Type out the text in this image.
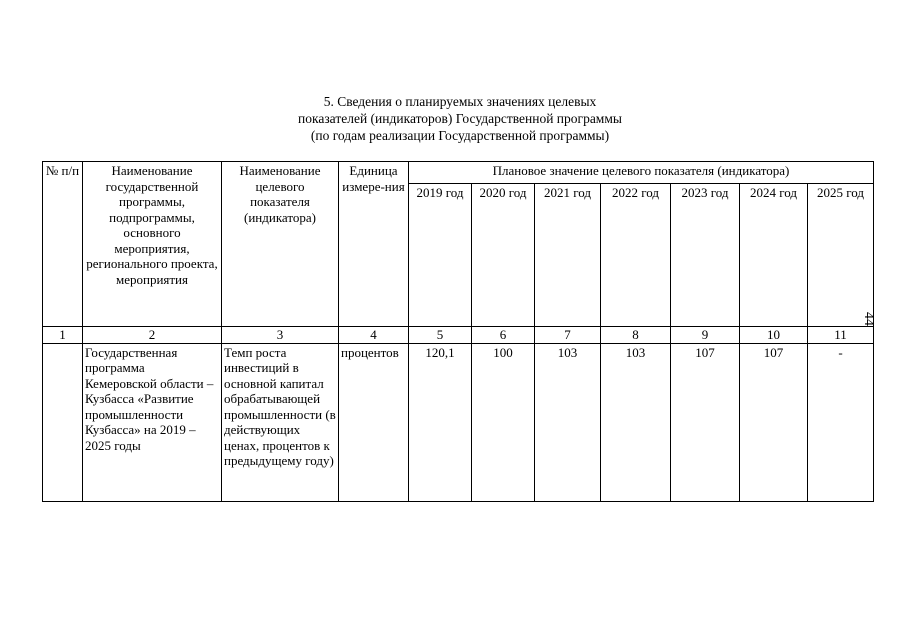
5. Сведения о планируемых значениях целевых
показателей (индикаторов) Государственной программы
(по годам реализации Государственной программы)
44
№ п/п	Наименование государственной программы, подпрограммы, основного мероприятия, регионального проекта, мероприятия	Наименование целевого показателя (индикатора)	Единица измере-ния	Плановое значение целевого показателя (индикатора)						
				2019 год	2020 год	2021 год	2022 год	2023 год	2024 год	2025 год
1	2	3	4	5	6	7	8	9	10	11
	Государственная программа Кемеровской области – Кузбасса «Развитие промышленности Кузбасса» на 2019 – 2025 годы	Темп роста инвестиций в основной капитал обрабатывающей промышленности (в действующих ценах, процентов к предыдущему году)	процентов	120,1	100	103	103	107	107	-
